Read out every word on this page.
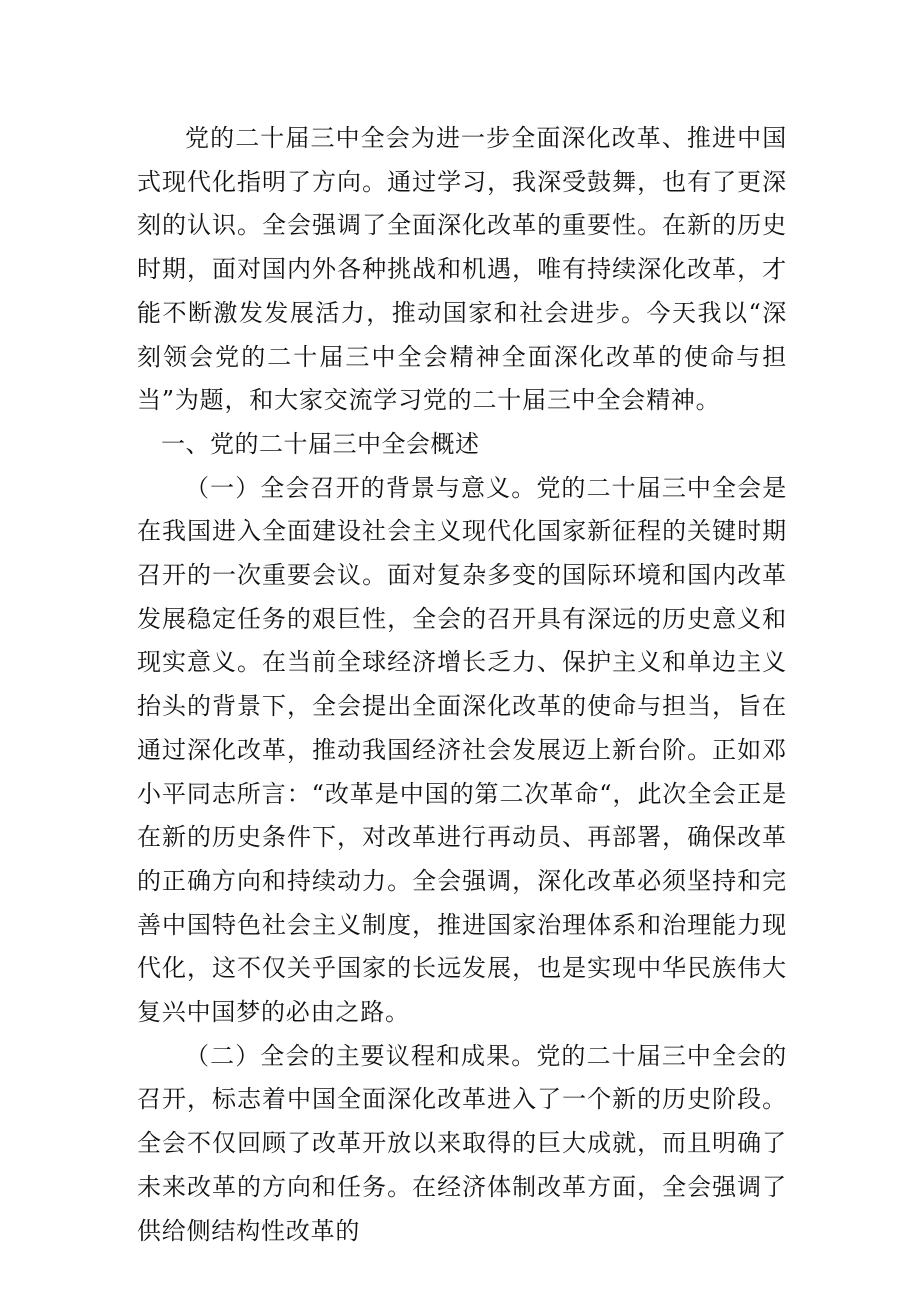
党的二十届三中全会为进一步全面深化改革、推进中国式现代化指明了方向。通过学习，我深受鼓舞，也有了更深刻的认识。全会强调了全面深化改革的重要性。在新的历史时期，面对国内外各种挑战和机遇，唯有持续深化改革，才能不断激发发展活力，推动国家和社会进步。今天我以“深刻领会党的二十届三中全会精神全面深化改革的使命与担当”为题，和大家交流学习党的二十届三中全会精神。

一、党的二十届三中全会概述

（一）全会召开的背景与意义。党的二十届三中全会是在我国进入全面建设社会主义现代化国家新征程的关键时期召开的一次重要会议。面对复杂多变的国际环境和国内改革发展稳定任务的艰巨性，全会的召开具有深远的历史意义和现实意义。在当前全球经济增长乏力、保护主义和单边主义抬头的背景下，全会提出全面深化改革的使命与担当，旨在通过深化改革，推动我国经济社会发展迈上新台阶。正如邓小平同志所言：“改革是中国的第二次革命“，此次全会正是在新的历史条件下，对改革进行再动员、再部署，确保改革的正确方向和持续动力。全会强调，深化改革必须坚持和完善中国特色社会主义制度，推进国家治理体系和治理能力现代化，这不仅关乎国家的长远发展，也是实现中华民族伟大复兴中国梦的必由之路。

（二）全会的主要议程和成果。党的二十届三中全会的召开，标志着中国全面深化改革进入了一个新的历史阶段。全会不仅回顾了改革开放以来取得的巨大成就，而且明确了未来改革的方向和任务。在经济体制改革方面，全会强调了供给侧结构性改革的
